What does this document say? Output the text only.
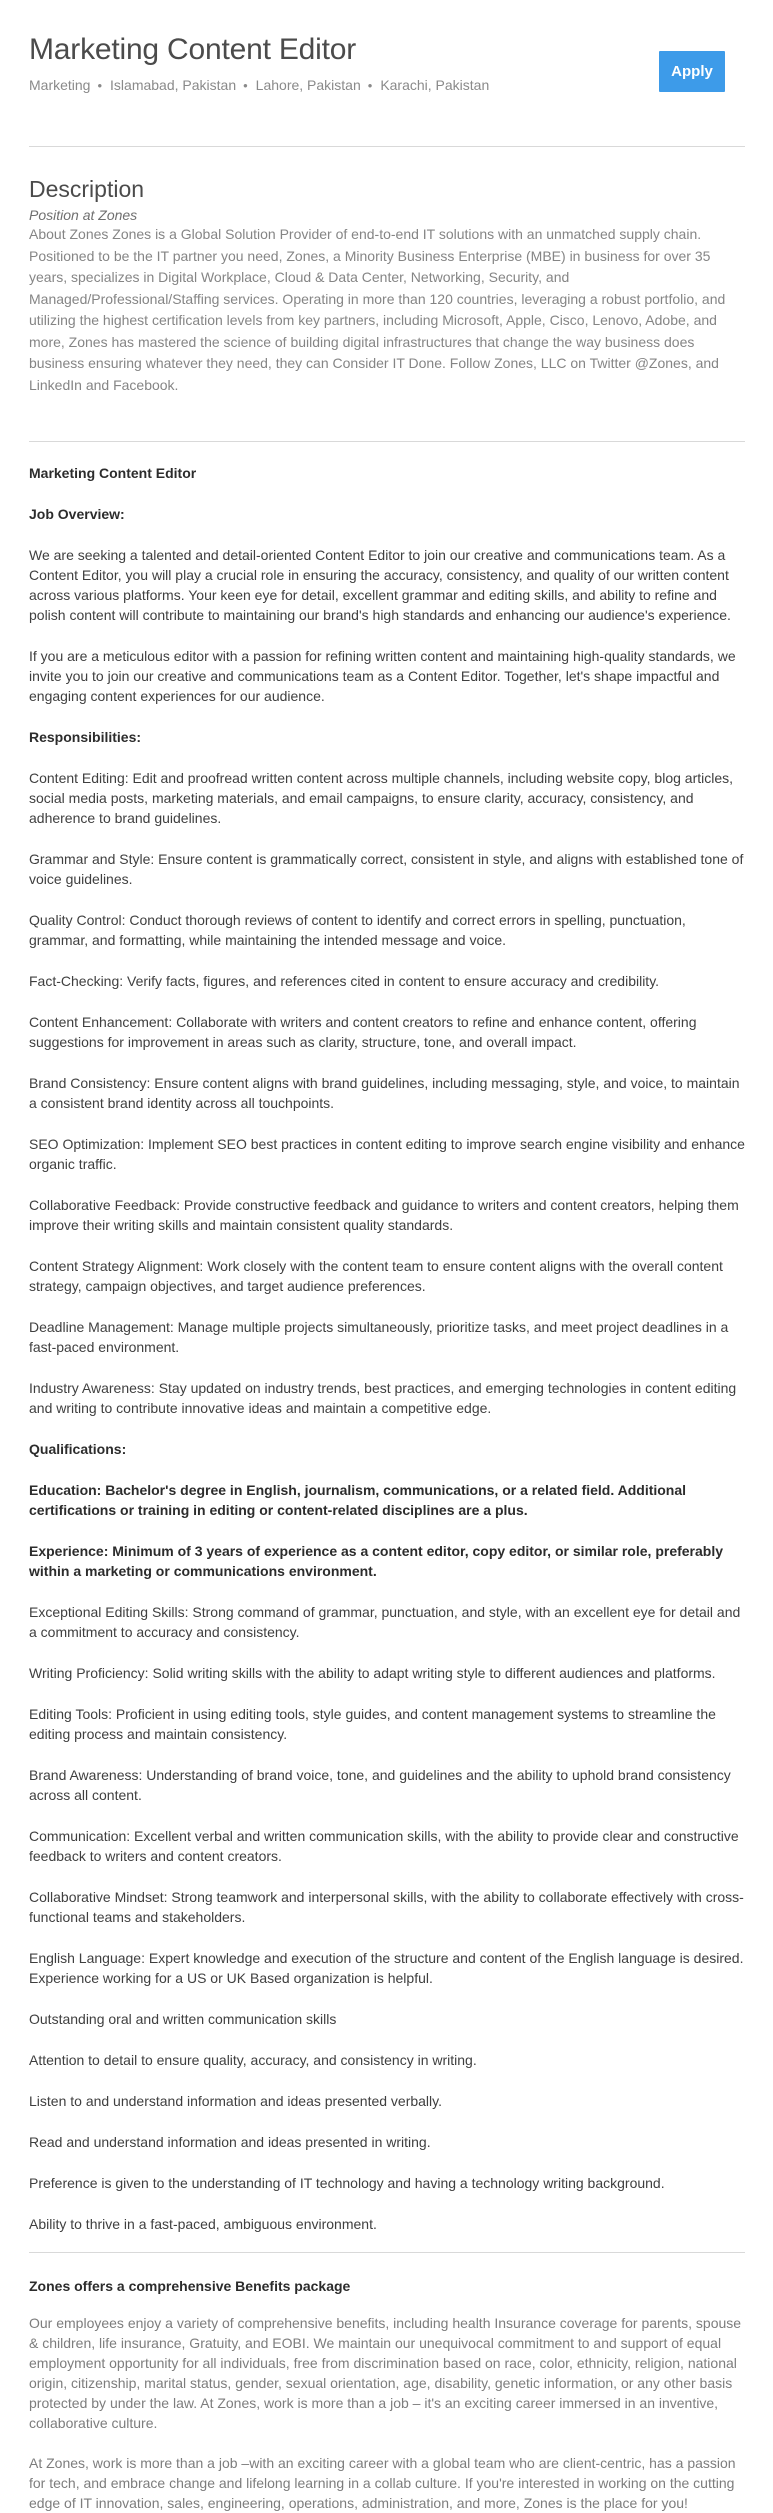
Marketing Content Editor
Marketing • Islamabad, Pakistan • Lahore, Pakistan • Karachi, Pakistan
Apply
Description
Position at Zones

About Zones Zones is a Global Solution Provider of end-to-end IT solutions with an unmatched supply chain. Positioned to be the IT partner you need, Zones, a Minority Business Enterprise (MBE) in business for over 35 years, specializes in Digital Workplace, Cloud & Data Center, Networking, Security, and Managed/Professional/Staffing services. Operating in more than 120 countries, leveraging a robust portfolio, and utilizing the highest certification levels from key partners, including Microsoft, Apple, Cisco, Lenovo, Adobe, and more, Zones has mastered the science of building digital infrastructures that change the way business does business ensuring whatever they need, they can Consider IT Done. Follow Zones, LLC on Twitter @Zones, and LinkedIn and Facebook.

Marketing Content Editor

Job Overview:

We are seeking a talented and detail-oriented Content Editor to join our creative and communications team. As a Content Editor, you will play a crucial role in ensuring the accuracy, consistency, and quality of our written content across various platforms. Your keen eye for detail, excellent grammar and editing skills, and ability to refine and polish content will contribute to maintaining our brand's high standards and enhancing our audience's experience.

If you are a meticulous editor with a passion for refining written content and maintaining high-quality standards, we invite you to join our creative and communications team as a Content Editor. Together, let's shape impactful and engaging content experiences for our audience.

Responsibilities:

Content Editing: Edit and proofread written content across multiple channels, including website copy, blog articles, social media posts, marketing materials, and email campaigns, to ensure clarity, accuracy, consistency, and adherence to brand guidelines.

Grammar and Style: Ensure content is grammatically correct, consistent in style, and aligns with established tone of voice guidelines.

Quality Control: Conduct thorough reviews of content to identify and correct errors in spelling, punctuation, grammar, and formatting, while maintaining the intended message and voice.

Fact-Checking: Verify facts, figures, and references cited in content to ensure accuracy and credibility.

Content Enhancement: Collaborate with writers and content creators to refine and enhance content, offering suggestions for improvement in areas such as clarity, structure, tone, and overall impact.

Brand Consistency: Ensure content aligns with brand guidelines, including messaging, style, and voice, to maintain a consistent brand identity across all touchpoints.

SEO Optimization: Implement SEO best practices in content editing to improve search engine visibility and enhance organic traffic.

Collaborative Feedback: Provide constructive feedback and guidance to writers and content creators, helping them improve their writing skills and maintain consistent quality standards.

Content Strategy Alignment: Work closely with the content team to ensure content aligns with the overall content strategy, campaign objectives, and target audience preferences.

Deadline Management: Manage multiple projects simultaneously, prioritize tasks, and meet project deadlines in a fast-paced environment.

Industry Awareness: Stay updated on industry trends, best practices, and emerging technologies in content editing and writing to contribute innovative ideas and maintain a competitive edge.

Qualifications:

Education: Bachelor's degree in English, journalism, communications, or a related field. Additional certifications or training in editing or content-related disciplines are a plus.

Experience: Minimum of 3 years of experience as a content editor, copy editor, or similar role, preferably within a marketing or communications environment.

Exceptional Editing Skills: Strong command of grammar, punctuation, and style, with an excellent eye for detail and a commitment to accuracy and consistency.

Writing Proficiency: Solid writing skills with the ability to adapt writing style to different audiences and platforms.

Editing Tools: Proficient in using editing tools, style guides, and content management systems to streamline the editing process and maintain consistency.

Brand Awareness: Understanding of brand voice, tone, and guidelines and the ability to uphold brand consistency across all content.

Communication: Excellent verbal and written communication skills, with the ability to provide clear and constructive feedback to writers and content creators.

Collaborative Mindset: Strong teamwork and interpersonal skills, with the ability to collaborate effectively with cross-functional teams and stakeholders.

English Language: Expert knowledge and execution of the structure and content of the English language is desired. Experience working for a US or UK Based organization is helpful.

Outstanding oral and written communication skills

Attention to detail to ensure quality, accuracy, and consistency in writing.

Listen to and understand information and ideas presented verbally.

Read and understand information and ideas presented in writing.

Preference is given to the understanding of IT technology and having a technology writing background.

Ability to thrive in a fast-paced, ambiguous environment.

Zones offers a comprehensive Benefits package

Our employees enjoy a variety of comprehensive benefits, including health Insurance coverage for parents, spouse & children, life insurance, Gratuity, and EOBI. We maintain our unequivocal commitment to and support of equal employment opportunity for all individuals, free from discrimination based on race, color, ethnicity, religion, national origin, citizenship, marital status, gender, sexual orientation, age, disability, genetic information, or any other basis protected by under the law. At Zones, work is more than a job – it's an exciting career immersed in an inventive, collaborative culture.

At Zones, work is more than a job –with an exciting career with a global team who are client-centric, has a passion for tech, and embrace change and lifelong learning in a collab culture. If you're interested in working on the cutting edge of IT innovation, sales, engineering, operations, administration, and more, Zones is the place for you!
